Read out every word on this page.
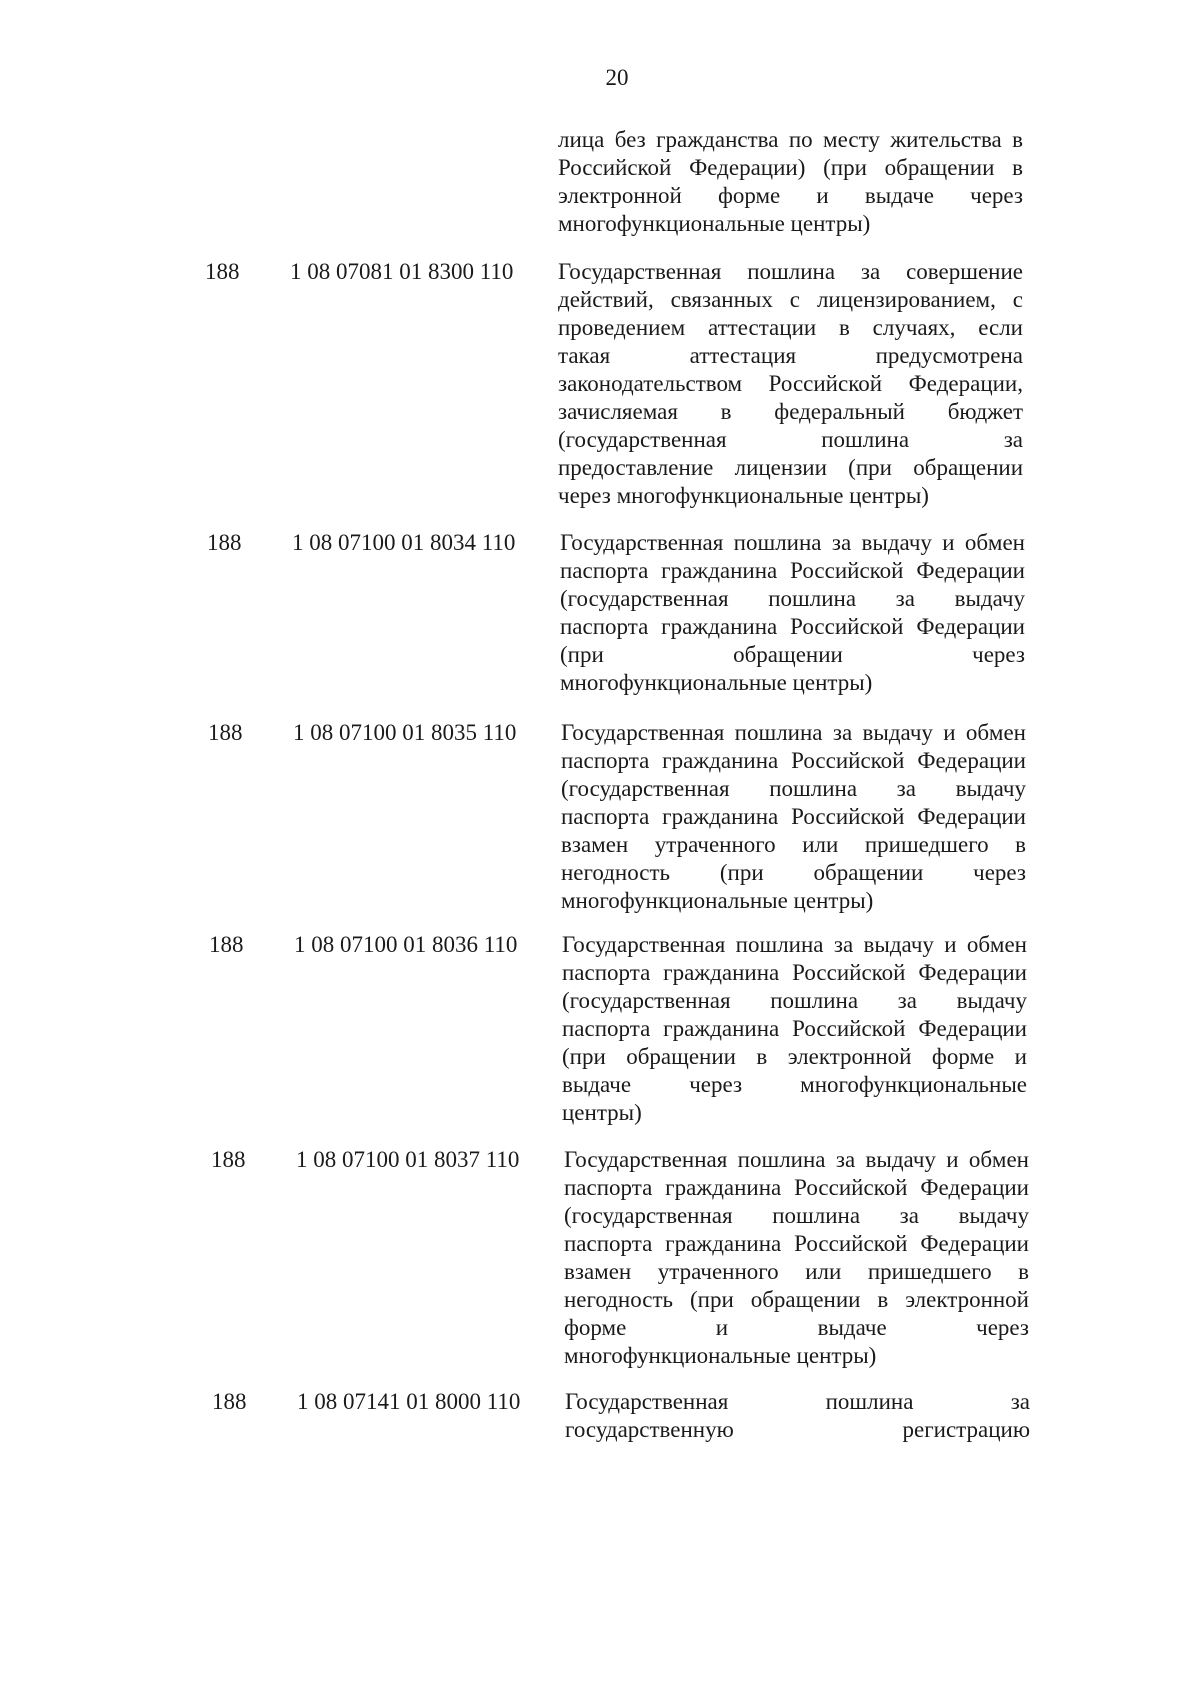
20
лица без гражданства по месту жительства в
Российской Федерации) (при обращении в
электронной форме и выдаче через
многофункциональные центры)
188 1 08 07081 01 8300 110 Государственная пошлина за совершение
действий, связанных с лицензированием, с
проведением аттестации в случаях, если
такая аттестация предусмотрена
законодательством Российской Федерации,
зачисляемая в федеральный бюджет
(государственная пошлина за
предоставление лицензии (при обращении
через многофункциональные центры)
188 1 08 07100 01 8034 110 Государственная пошлина за выдачу и обмен
паспорта гражданина Российской Федерации
(государственная пошлина за выдачу
паспорта гражданина Российской Федерации
(при обращении через
многофункциональные центры)
188 1 08 07100 01 8035 110 Государственная пошлина за выдачу и обмен
паспорта гражданина Российской Федерации
(государственная пошлина за выдачу
паспорта гражданина Российской Федерации
взамен утраченного или пришедшего в
негодность (при обращении через
многофункциональные центры)
188 1 08 07100 01 8036 110 Государственная пошлина за выдачу и обмен
паспорта гражданина Российской Федерации
(государственная пошлина за выдачу
паспорта гражданина Российской Федерации
(при обращении в электронной форме и
выдаче через многофункциональные
центры)
188 1 08 07100 01 8037 110 Государственная пошлина за выдачу и обмен
паспорта гражданина Российской Федерации
(государственная пошлина за выдачу
паспорта гражданина Российской Федерации
взамен утраченного или пришедшего в
негодность (при обращении в электронной
форме и выдаче через
многофункциональные центры)
188 1 08 07141 01 8000 110 Государственная пошлина за
государственную регистрацию
